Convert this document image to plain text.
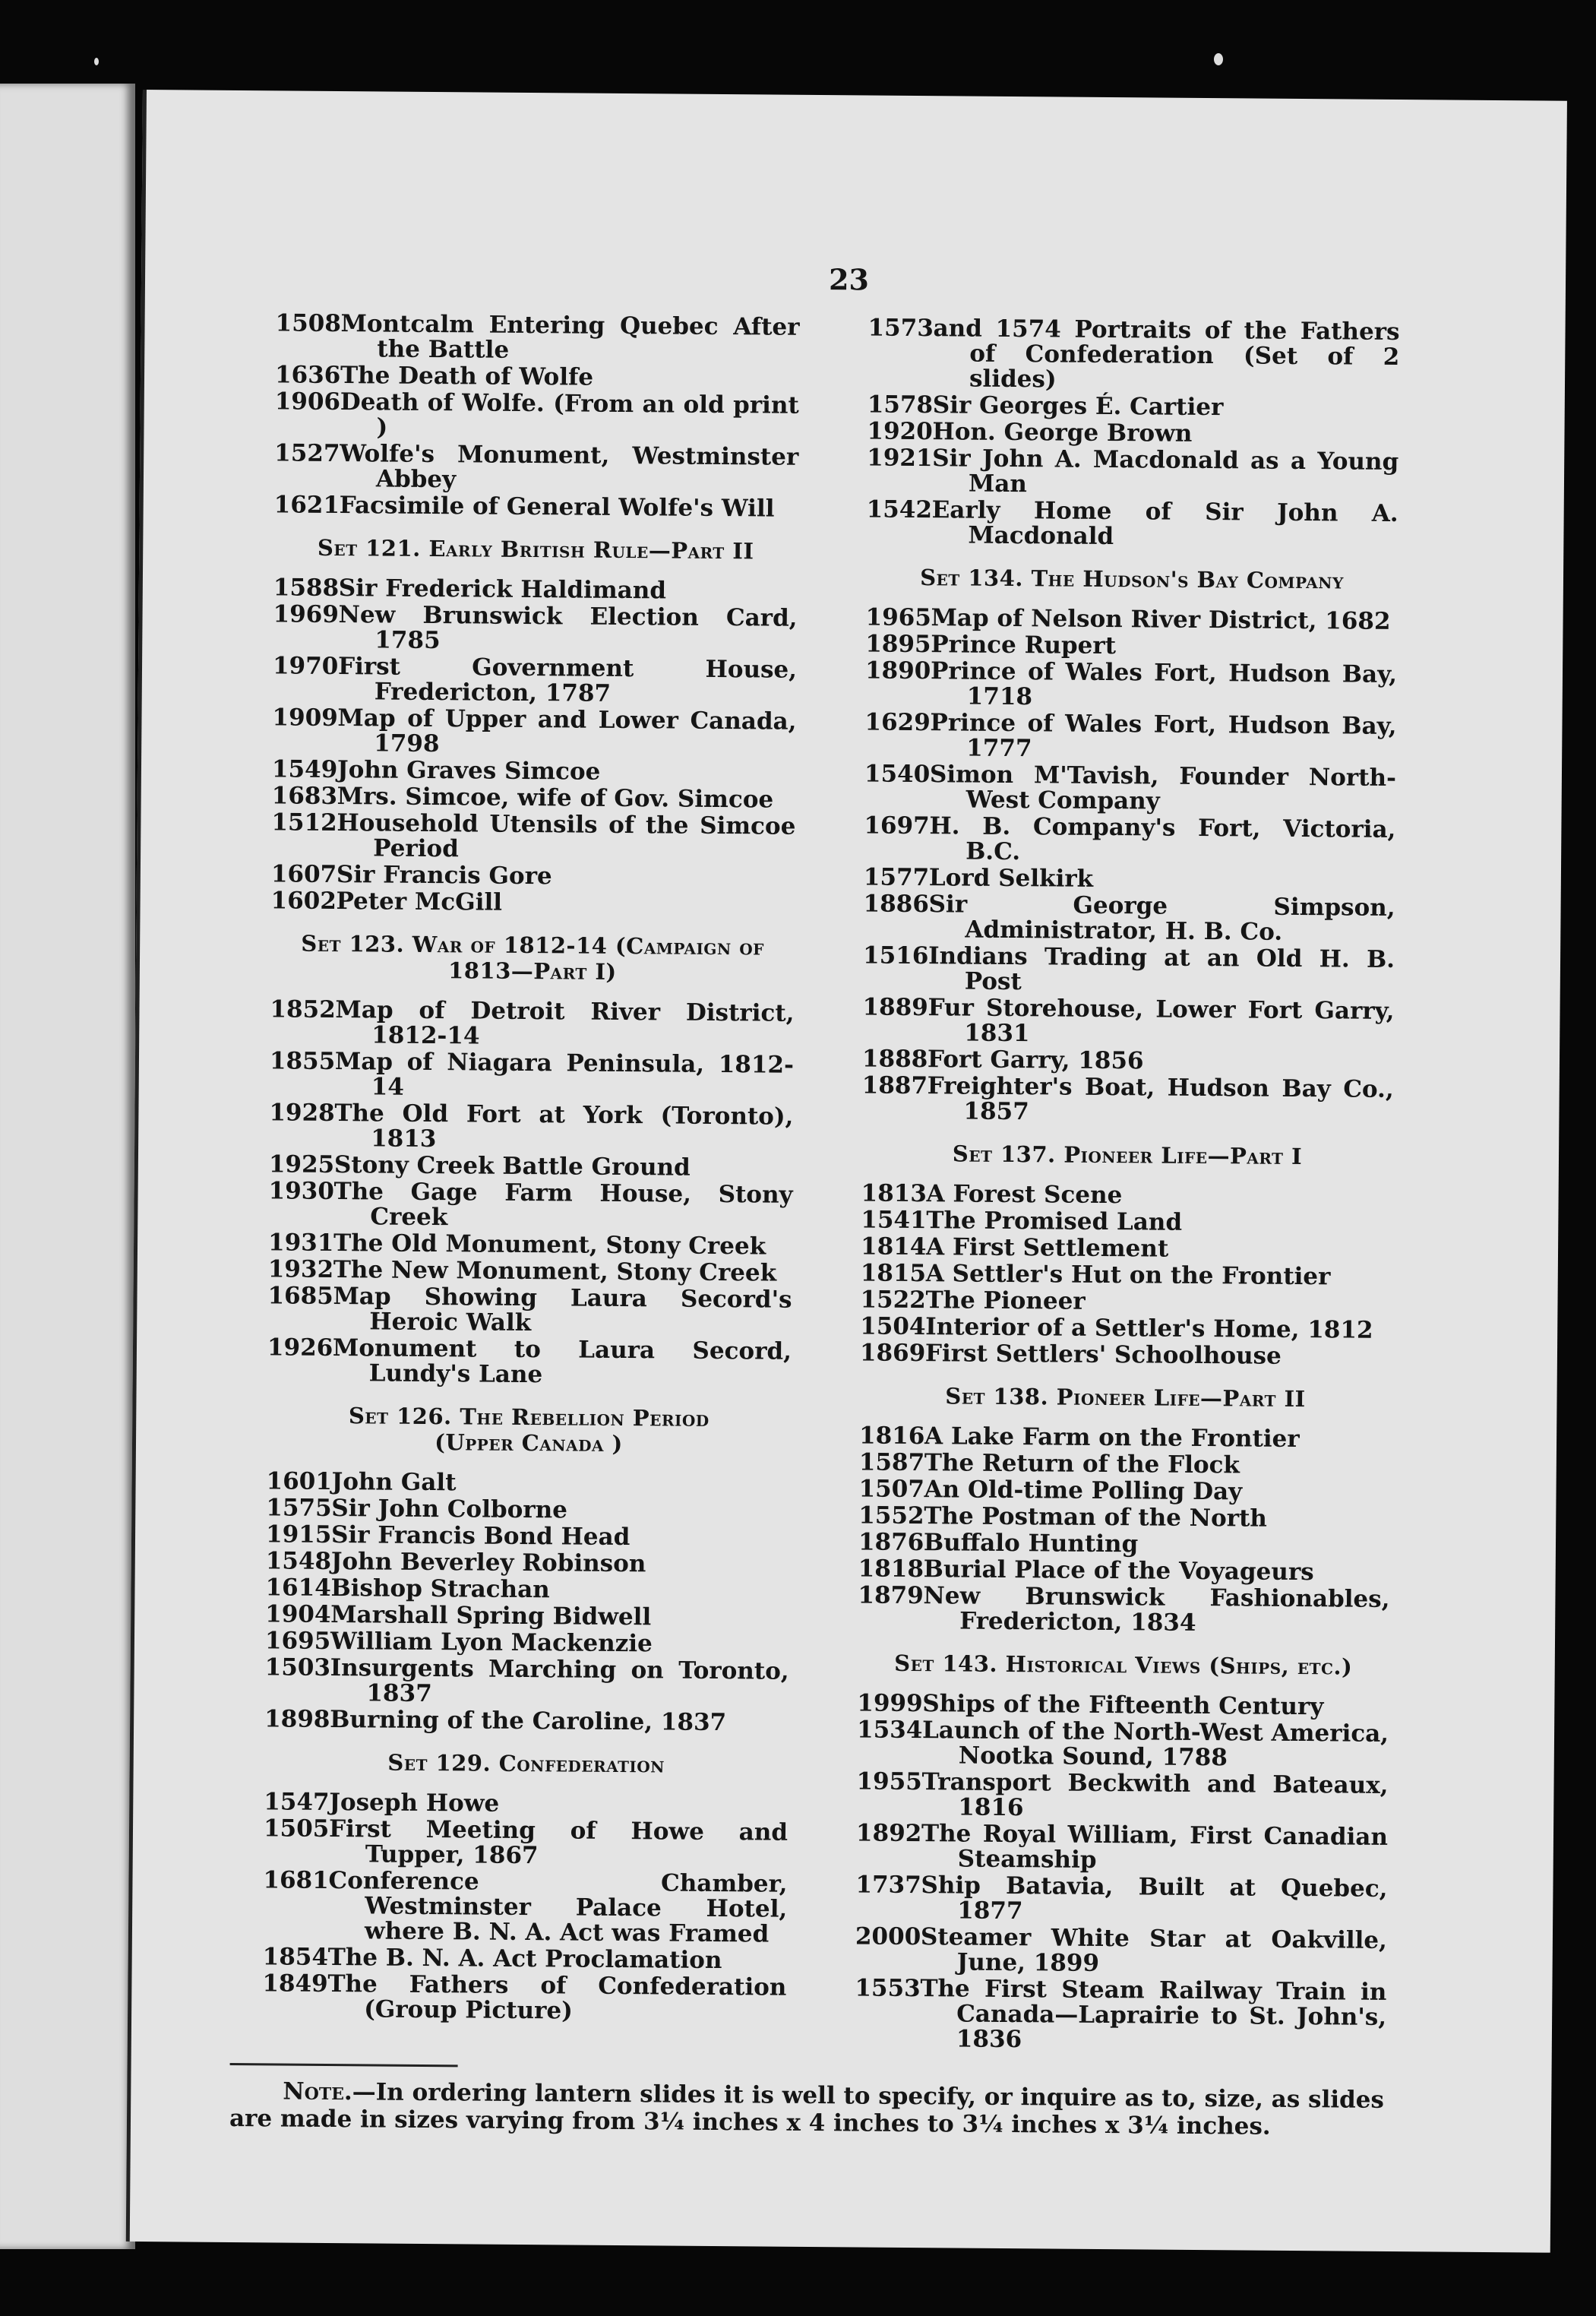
23
1508 Montcalm Entering Quebec After the Battle
1636 The Death of Wolfe
1906 Death of Wolfe. (From an old print )
1527 Wolfe's Monument, Westminster Abbey
1621 Facsimile of General Wolfe's Will
Set 121. Early British Rule—Part II
1588 Sir Frederick Haldimand
1969 New Brunswick Election Card, 1785
1970 First Government House, Fredericton, 1787
1909 Map of Upper and Lower Canada, 1798
1549 John Graves Simcoe
1683 Mrs. Simcoe, wife of Gov. Simcoe
1512 Household Utensils of the Simcoe Period
1607 Sir Francis Gore
1602 Peter McGill
Set 123. War of 1812-14 (Campaign of
1813—Part I)
1852 Map of Detroit River District, 1812-14
1855 Map of Niagara Peninsula, 1812-14
1928 The Old Fort at York (Toronto), 1813
1925 Stony Creek Battle Ground
1930 The Gage Farm House, Stony Creek
1931 The Old Monument, Stony Creek
1932 The New Monument, Stony Creek
1685 Map Showing Laura Secord's Heroic Walk
1926 Monument to Laura Secord, Lundy's Lane
Set 126. The Rebellion Period
(Upper Canada )
1601 John Galt
1575 Sir John Colborne
1915 Sir Francis Bond Head
1548 John Beverley Robinson
1614 Bishop Strachan
1904 Marshall Spring Bidwell
1695 William Lyon Mackenzie
1503 Insurgents Marching on Toronto, 1837
1898 Burning of the Caroline, 1837
Set 129. Confederation
1547 Joseph Howe
1505 First Meeting of Howe and Tupper, 1867
1681 Conference Chamber, Westminster Palace Hotel, where B. N. A. Act was Framed
1854 The B. N. A. Act Proclamation
1849 The Fathers of Confederation (Group Picture)
1573 and 1574 Portraits of the Fathers of Confederation (Set of 2 slides)
1578 Sir Georges É. Cartier
1920 Hon. George Brown
1921 Sir John A. Macdonald as a Young Man
1542 Early Home of Sir John A. Macdonald
Set 134. The Hudson's Bay Company
1965 Map of Nelson River District, 1682
1895 Prince Rupert
1890 Prince of Wales Fort, Hudson Bay, 1718
1629 Prince of Wales Fort, Hudson Bay, 1777
1540 Simon M'Tavish, Founder North-West Company
1697 H. B. Company's Fort, Victoria, B.C.
1577 Lord Selkirk
1886 Sir George Simpson, Administrator, H. B. Co.
1516 Indians Trading at an Old H. B. Post
1889 Fur Storehouse, Lower Fort Garry, 1831
1888 Fort Garry, 1856
1887 Freighter's Boat, Hudson Bay Co., 1857
Set 137. Pioneer Life—Part I
1813 A Forest Scene
1541 The Promised Land
1814 A First Settlement
1815 A Settler's Hut on the Frontier
1522 The Pioneer
1504 Interior of a Settler's Home, 1812
1869 First Settlers' Schoolhouse
Set 138. Pioneer Life—Part II
1816 A Lake Farm on the Frontier
1587 The Return of the Flock
1507 An Old-time Polling Day
1552 The Postman of the North
1876 Buffalo Hunting
1818 Burial Place of the Voyageurs
1879 New Brunswick Fashionables, Fredericton, 1834
Set 143. Historical Views (Ships, etc.)
1999 Ships of the Fifteenth Century
1534 Launch of the North-West America, Nootka Sound, 1788
1955 Transport Beckwith and Bateaux, 1816
1892 The Royal William, First Canadian Steamship
1737 Ship Batavia, Built at Quebec, 1877
2000 Steamer White Star at Oakville, June, 1899
1553 The First Steam Railway Train in Canada—Laprairie to St. John's, 1836
Note.—In ordering lantern slides it is well to specify, or inquire as to, size, as slides are made in sizes varying from 3¼ inches x 4 inches to 3¼ inches x 3¼ inches.
